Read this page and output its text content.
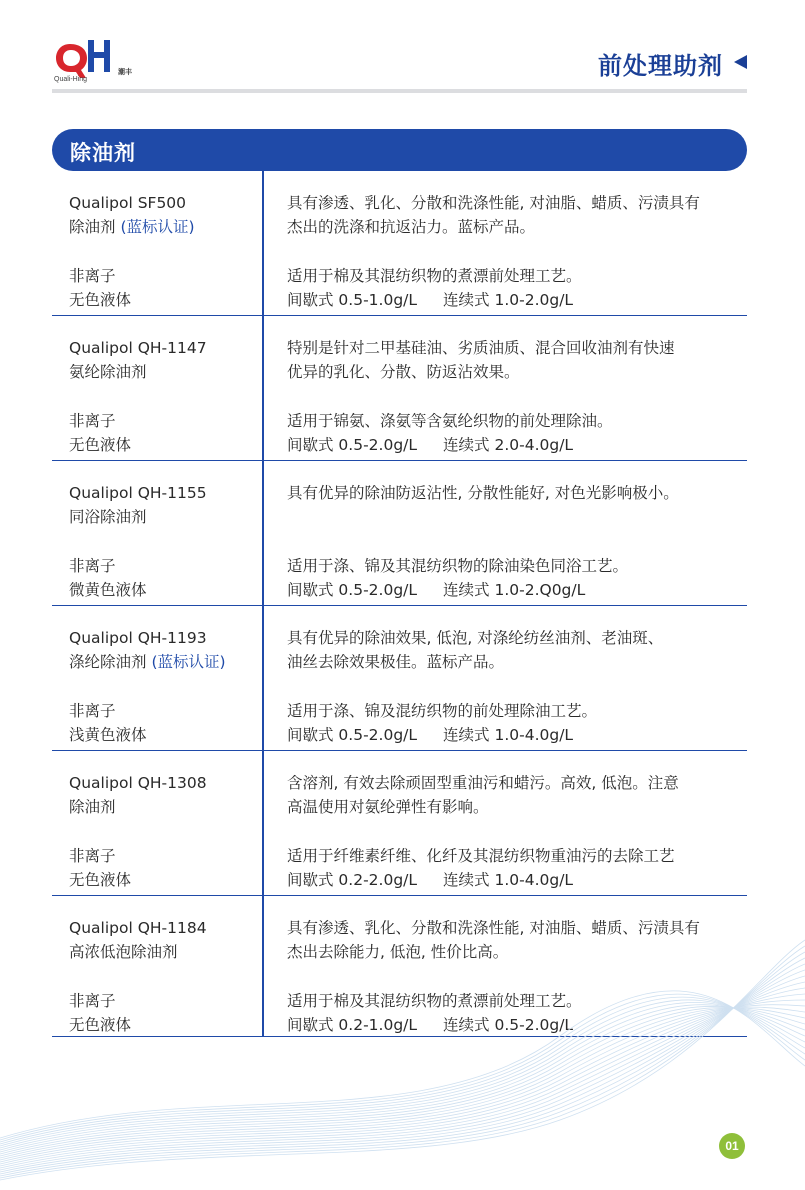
潮丰
Quali-Hing	前处理助剂
除油剂
Qualipol SF500
除油剂 (蓝标认证)
非离子
无色液体
具有渗透、乳化、分散和洗涤性能, 对油脂、蜡质、污渍具有
杰出的洗涤和抗返沾力。蓝标产品。
适用于棉及其混纺织物的煮漂前处理工艺。
间歇式 0.5-1.0g/L 连续式 1.0-2.0g/L
Qualipol QH-1147
氨纶除油剂
非离子
无色液体
特别是针对二甲基硅油、劣质油质、混合回收油剂有快速
优异的乳化、分散、防返沾效果。
适用于锦氨、涤氨等含氨纶织物的前处理除油。
间歇式 0.5-2.0g/L 连续式 2.0-4.0g/L
Qualipol QH-1155
同浴除油剂
非离子
微黄色液体
具有优异的除油防返沾性, 分散性能好, 对色光影响极小。
适用于涤、锦及其混纺织物的除油染色同浴工艺。
间歇式 0.5-2.0g/L 连续式 1.0-2.Q0g/L
Qualipol QH-1193
涤纶除油剂 (蓝标认证)
非离子
浅黄色液体
具有优异的除油效果, 低泡, 对涤纶纺丝油剂、老油斑、
油丝去除效果极佳。蓝标产品。
适用于涤、锦及混纺织物的前处理除油工艺。
间歇式 0.5-2.0g/L 连续式 1.0-4.0g/L
Qualipol QH-1308
除油剂
非离子
无色液体
含溶剂, 有效去除顽固型重油污和蜡污。高效, 低泡。注意
高温使用对氨纶弹性有影响。
适用于纤维素纤维、化纤及其混纺织物重油污的去除工艺
间歇式 0.2-2.0g/L 连续式 1.0-4.0g/L
Qualipol QH-1184
高浓低泡除油剂
非离子
无色液体
具有渗透、乳化、分散和洗涤性能, 对油脂、蜡质、污渍具有
杰出去除能力, 低泡, 性价比高。
适用于棉及其混纺织物的煮漂前处理工艺。
间歇式 0.2-1.0g/L 连续式 0.5-2.0g/L
01
